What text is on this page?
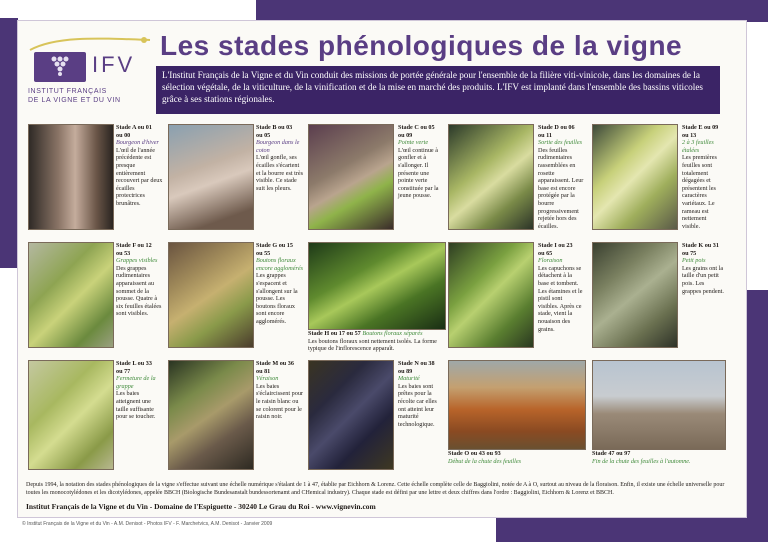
IFV
INSTITUT FRANÇAIS
DE LA VIGNE ET DU VIN
Les stades phénologiques de la vigne
L'Institut Français de la Vigne et du Vin conduit des missions de portée générale pour l'ensemble de la filière viti-vinicole, dans les domaines de la sélection végétale, de la viticulture, de la vinification et de la mise en marché des produits. L'IFV est implanté dans l'ensemble des bassins viticoles grâce à ses stations régionales.
Stade A ou 01
ou 00
Bourgeon d'hiver
L'œil de l'année précédente est presque entièrement recouvert par deux écailles protectrices brunâtres.
Stade B ou 03
ou 05
Bourgeon dans le coton
L'œil gonfle, ses écailles s'écartent et la bourre est très visible. Ce stade suit les pleurs.
Stade C ou 05
ou 09
Pointe verte
L'œil continue à gonfler et à s'allonger. Il présente une pointe verte constituée par la jeune pousse.
Stade D ou 06
ou 11
Sortie des feuilles
Des feuilles rudimentaires rassemblées en rosette apparaissent. Leur base est encore protégée par la bourre progressivement rejetée hors des écailles.
Stade E ou 09
ou 13
2 à 3 feuilles étalées
Les premières feuilles sont totalement dégagées et présentent les caractères variétaux. Le rameau est nettement visible.
Stade F ou 12
ou 53
Grappes visibles
Des grappes rudimentaires apparaissent au sommet de la pousse. Quatre à six feuilles étalées sont visibles.
Stade G ou 15
ou 55
Boutons floraux encore agglomérés
Les grappes s'espacent et s'allongent sur la pousse. Les boutons floraux sont encore agglomérés.
Stade H ou 17 ou 57 Boutons floraux séparés
Les boutons floraux sont nettement isolés. La forme typique de l'inflorescence apparaît.
Stade I ou 23
ou 65
Floraison
Les capuchons se détachent à la base et tombent. Les étamines et le pistil sont visibles. Après ce stade, vient la nouaison des grains.
Stade K ou 31
ou 75
Petit pois
Les grains ont la taille d'un petit pois. Les grappes pendent.
Stade L ou 33
ou 77
Fermeture de la grappe
Les baies atteignent une taille suffisante pour se toucher.
Stade M ou 36
ou 81
Véraison
Les baies s'éclaircissent pour le raisin blanc ou se colorent pour le raisin noir.
Stade N ou 38
ou 89
Maturité
Les baies sont prêtes pour la récolte car elles ont atteint leur maturité technologique.
Stade O ou 43 ou 93
Début de la chute des feuilles
Stade 47 ou 97
Fin de la chute des feuilles à l'automne.
Depuis 1994, la notation des stades phénologiques de la vigne s'effectue suivant une échelle numérique s'étalant de 1 à 47, établie par Eichhorn & Lorenz. Cette échelle complète celle de Baggiolini, notée de A à O, surtout au niveau de la floraison. Enfin, il existe une échelle universelle pour toutes les monocotylédones et les dicotylédones, appelée BBCH (Biologische Bundesanstalt bundessortenamt and CHemical industry). Chaque stade est défini par une lettre et deux chiffres dans l'ordre : Baggiolini, Eichhorn & Lorenz et BBCH.
Institut Français de la Vigne et du Vin - Domaine de l'Espiguette - 30240 Le Grau du Roi - www.vignevin.com
© Institut Français de la Vigne et du Vin - A.M. Denisot - Photos IFV - F. Marchetvics, A.M. Denisot - Janvier 2009
